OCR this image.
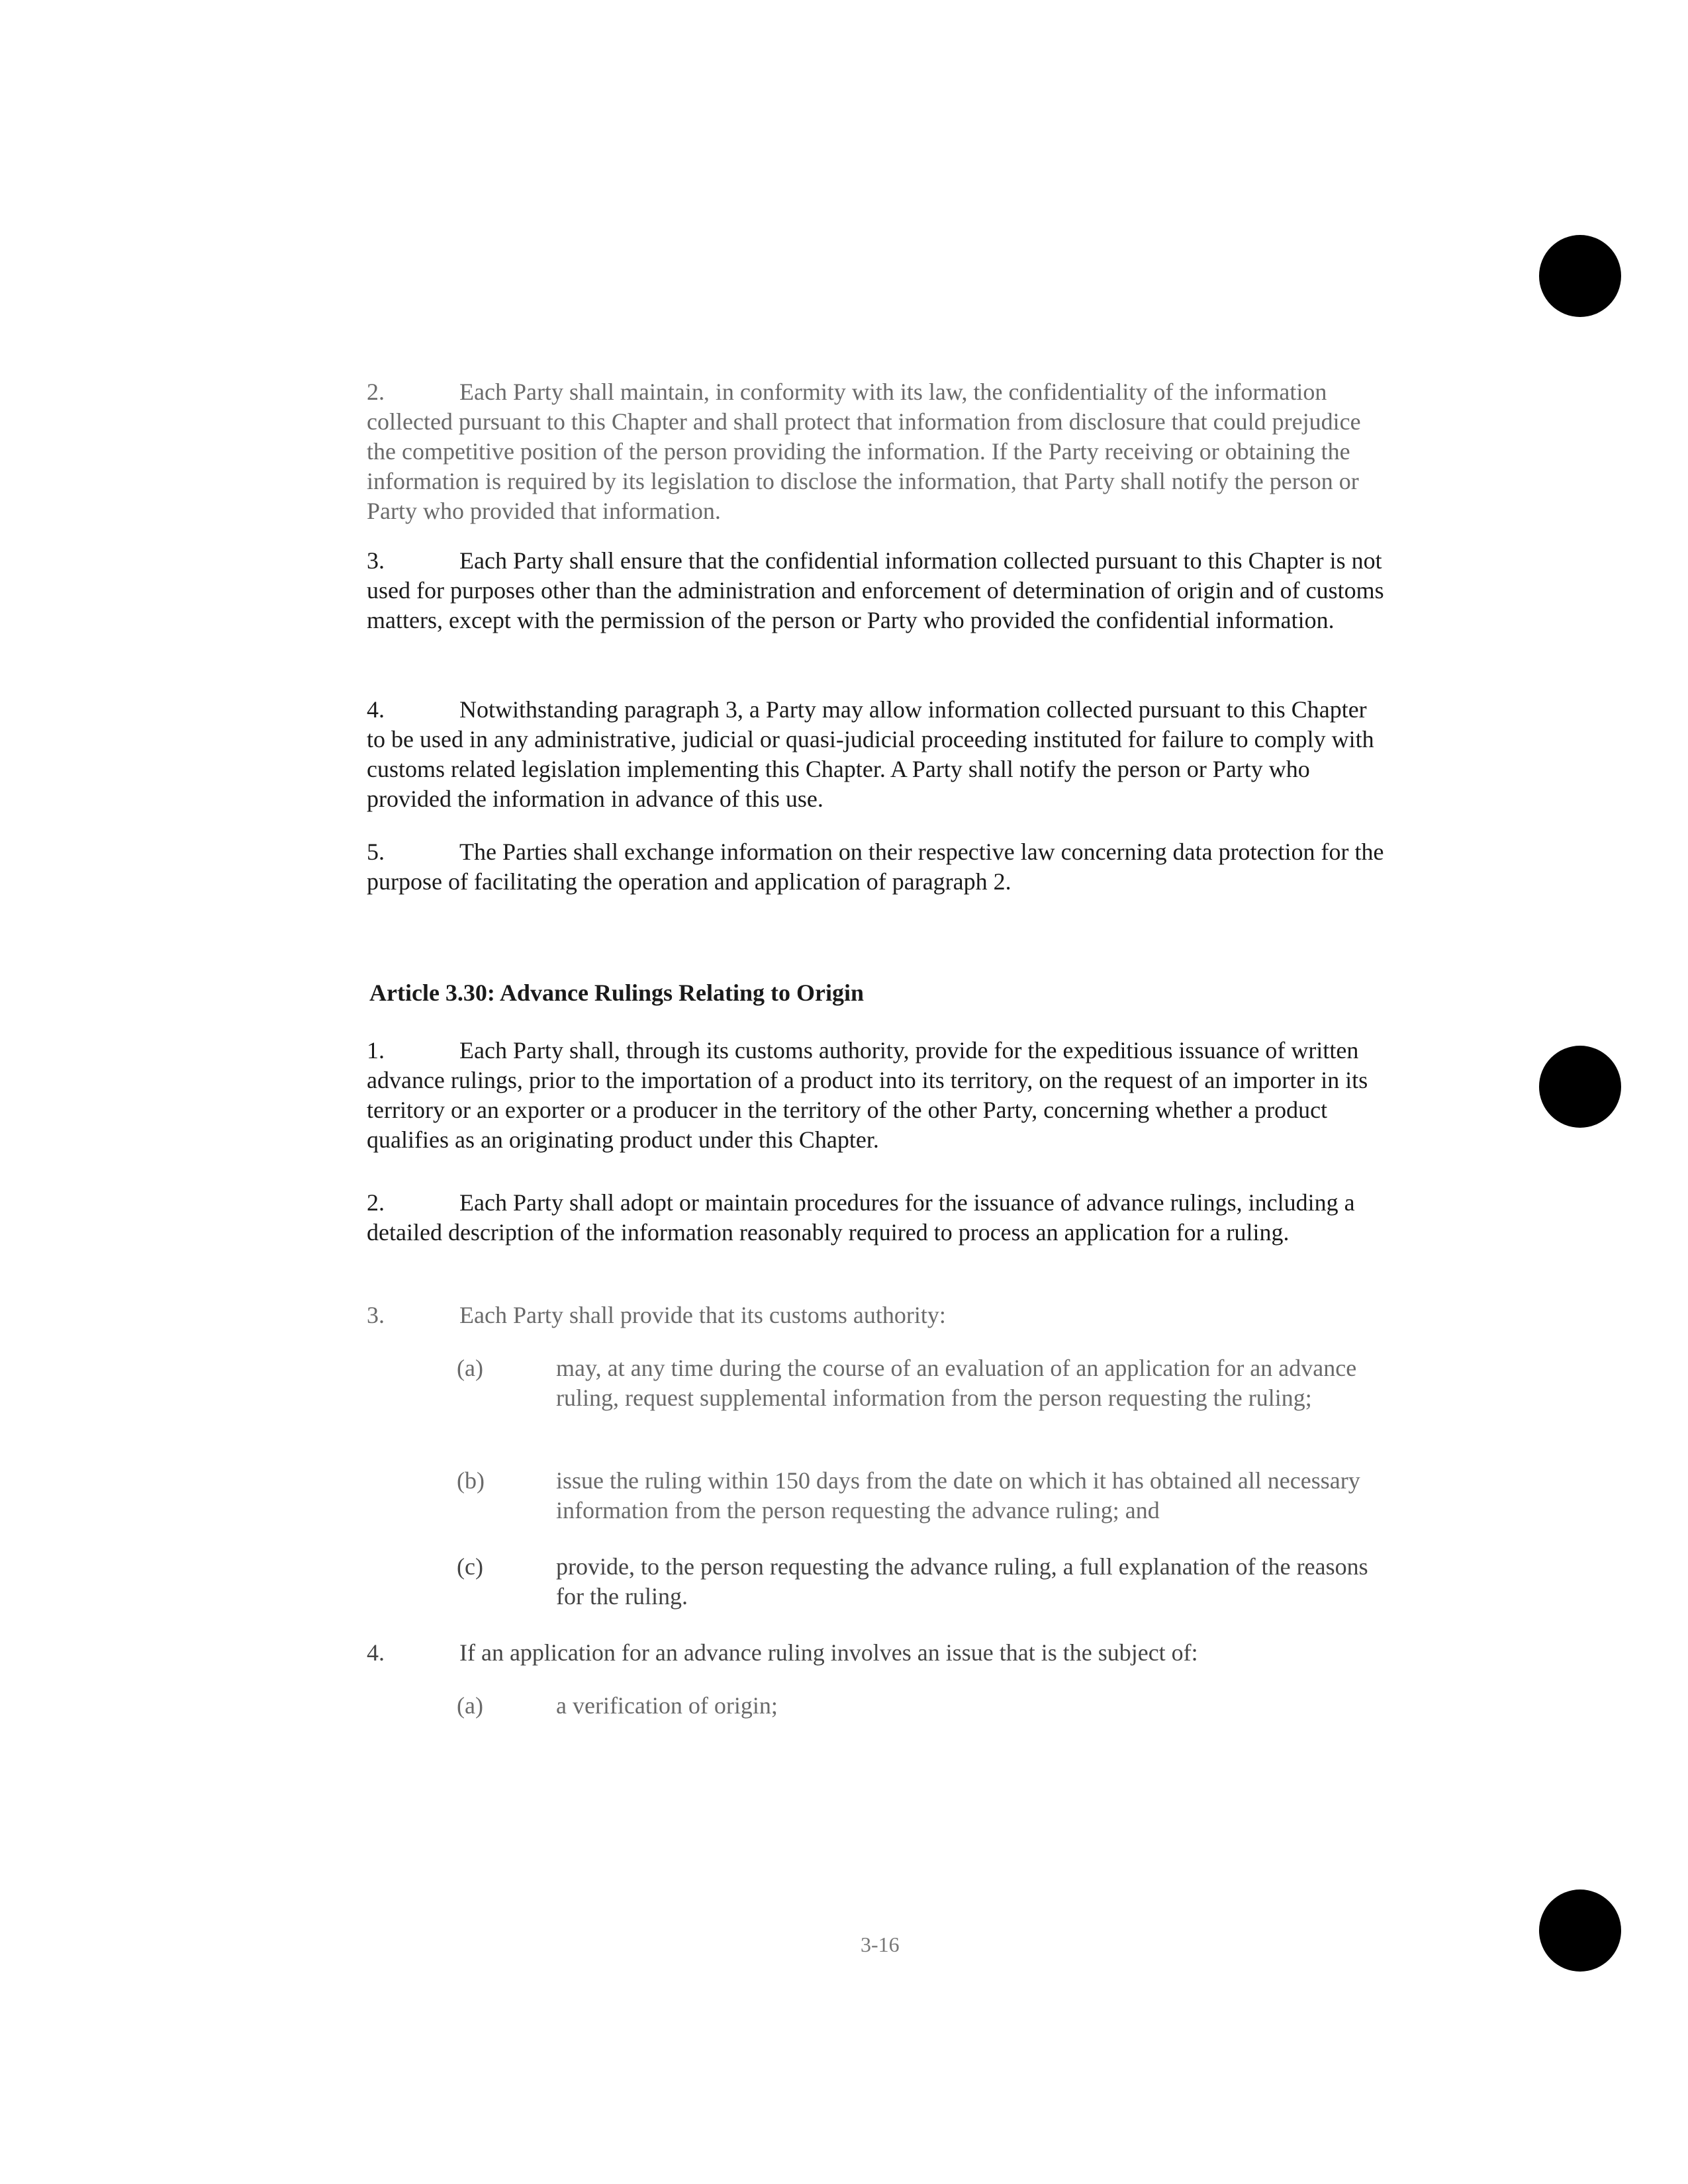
2.	Each Party shall maintain, in conformity with its law, the confidentiality of the information collected pursuant to this Chapter and shall protect that information from disclosure that could prejudice the competitive position of the person providing the information. If the Party receiving or obtaining the information is required by its legislation to disclose the information, that Party shall notify the person or Party who provided that information.
3.	Each Party shall ensure that the confidential information collected pursuant to this Chapter is not used for purposes other than the administration and enforcement of determination of origin and of customs matters, except with the permission of the person or Party who provided the confidential information.
4.	Notwithstanding paragraph 3, a Party may allow information collected pursuant to this Chapter to be used in any administrative, judicial or quasi-judicial proceeding instituted for failure to comply with customs related legislation implementing this Chapter. A Party shall notify the person or Party who provided the information in advance of this use.
5.	The Parties shall exchange information on their respective law concerning data protection for the purpose of facilitating the operation and application of paragraph 2.
Article 3.30: Advance Rulings Relating to Origin
1.	Each Party shall, through its customs authority, provide for the expeditious issuance of written advance rulings, prior to the importation of a product into its territory, on the request of an importer in its territory or an exporter or a producer in the territory of the other Party, concerning whether a product qualifies as an originating product under this Chapter.
2.	Each Party shall adopt or maintain procedures for the issuance of advance rulings, including a detailed description of the information reasonably required to process an application for a ruling.
3.	Each Party shall provide that its customs authority:
(a)	may, at any time during the course of an evaluation of an application for an advance ruling, request supplemental information from the person requesting the ruling;
(b)	issue the ruling within 150 days from the date on which it has obtained all necessary information from the person requesting the advance ruling; and
(c)	provide, to the person requesting the advance ruling, a full explanation of the reasons for the ruling.
4.	If an application for an advance ruling involves an issue that is the subject of:
(a)	a verification of origin;
3-16
